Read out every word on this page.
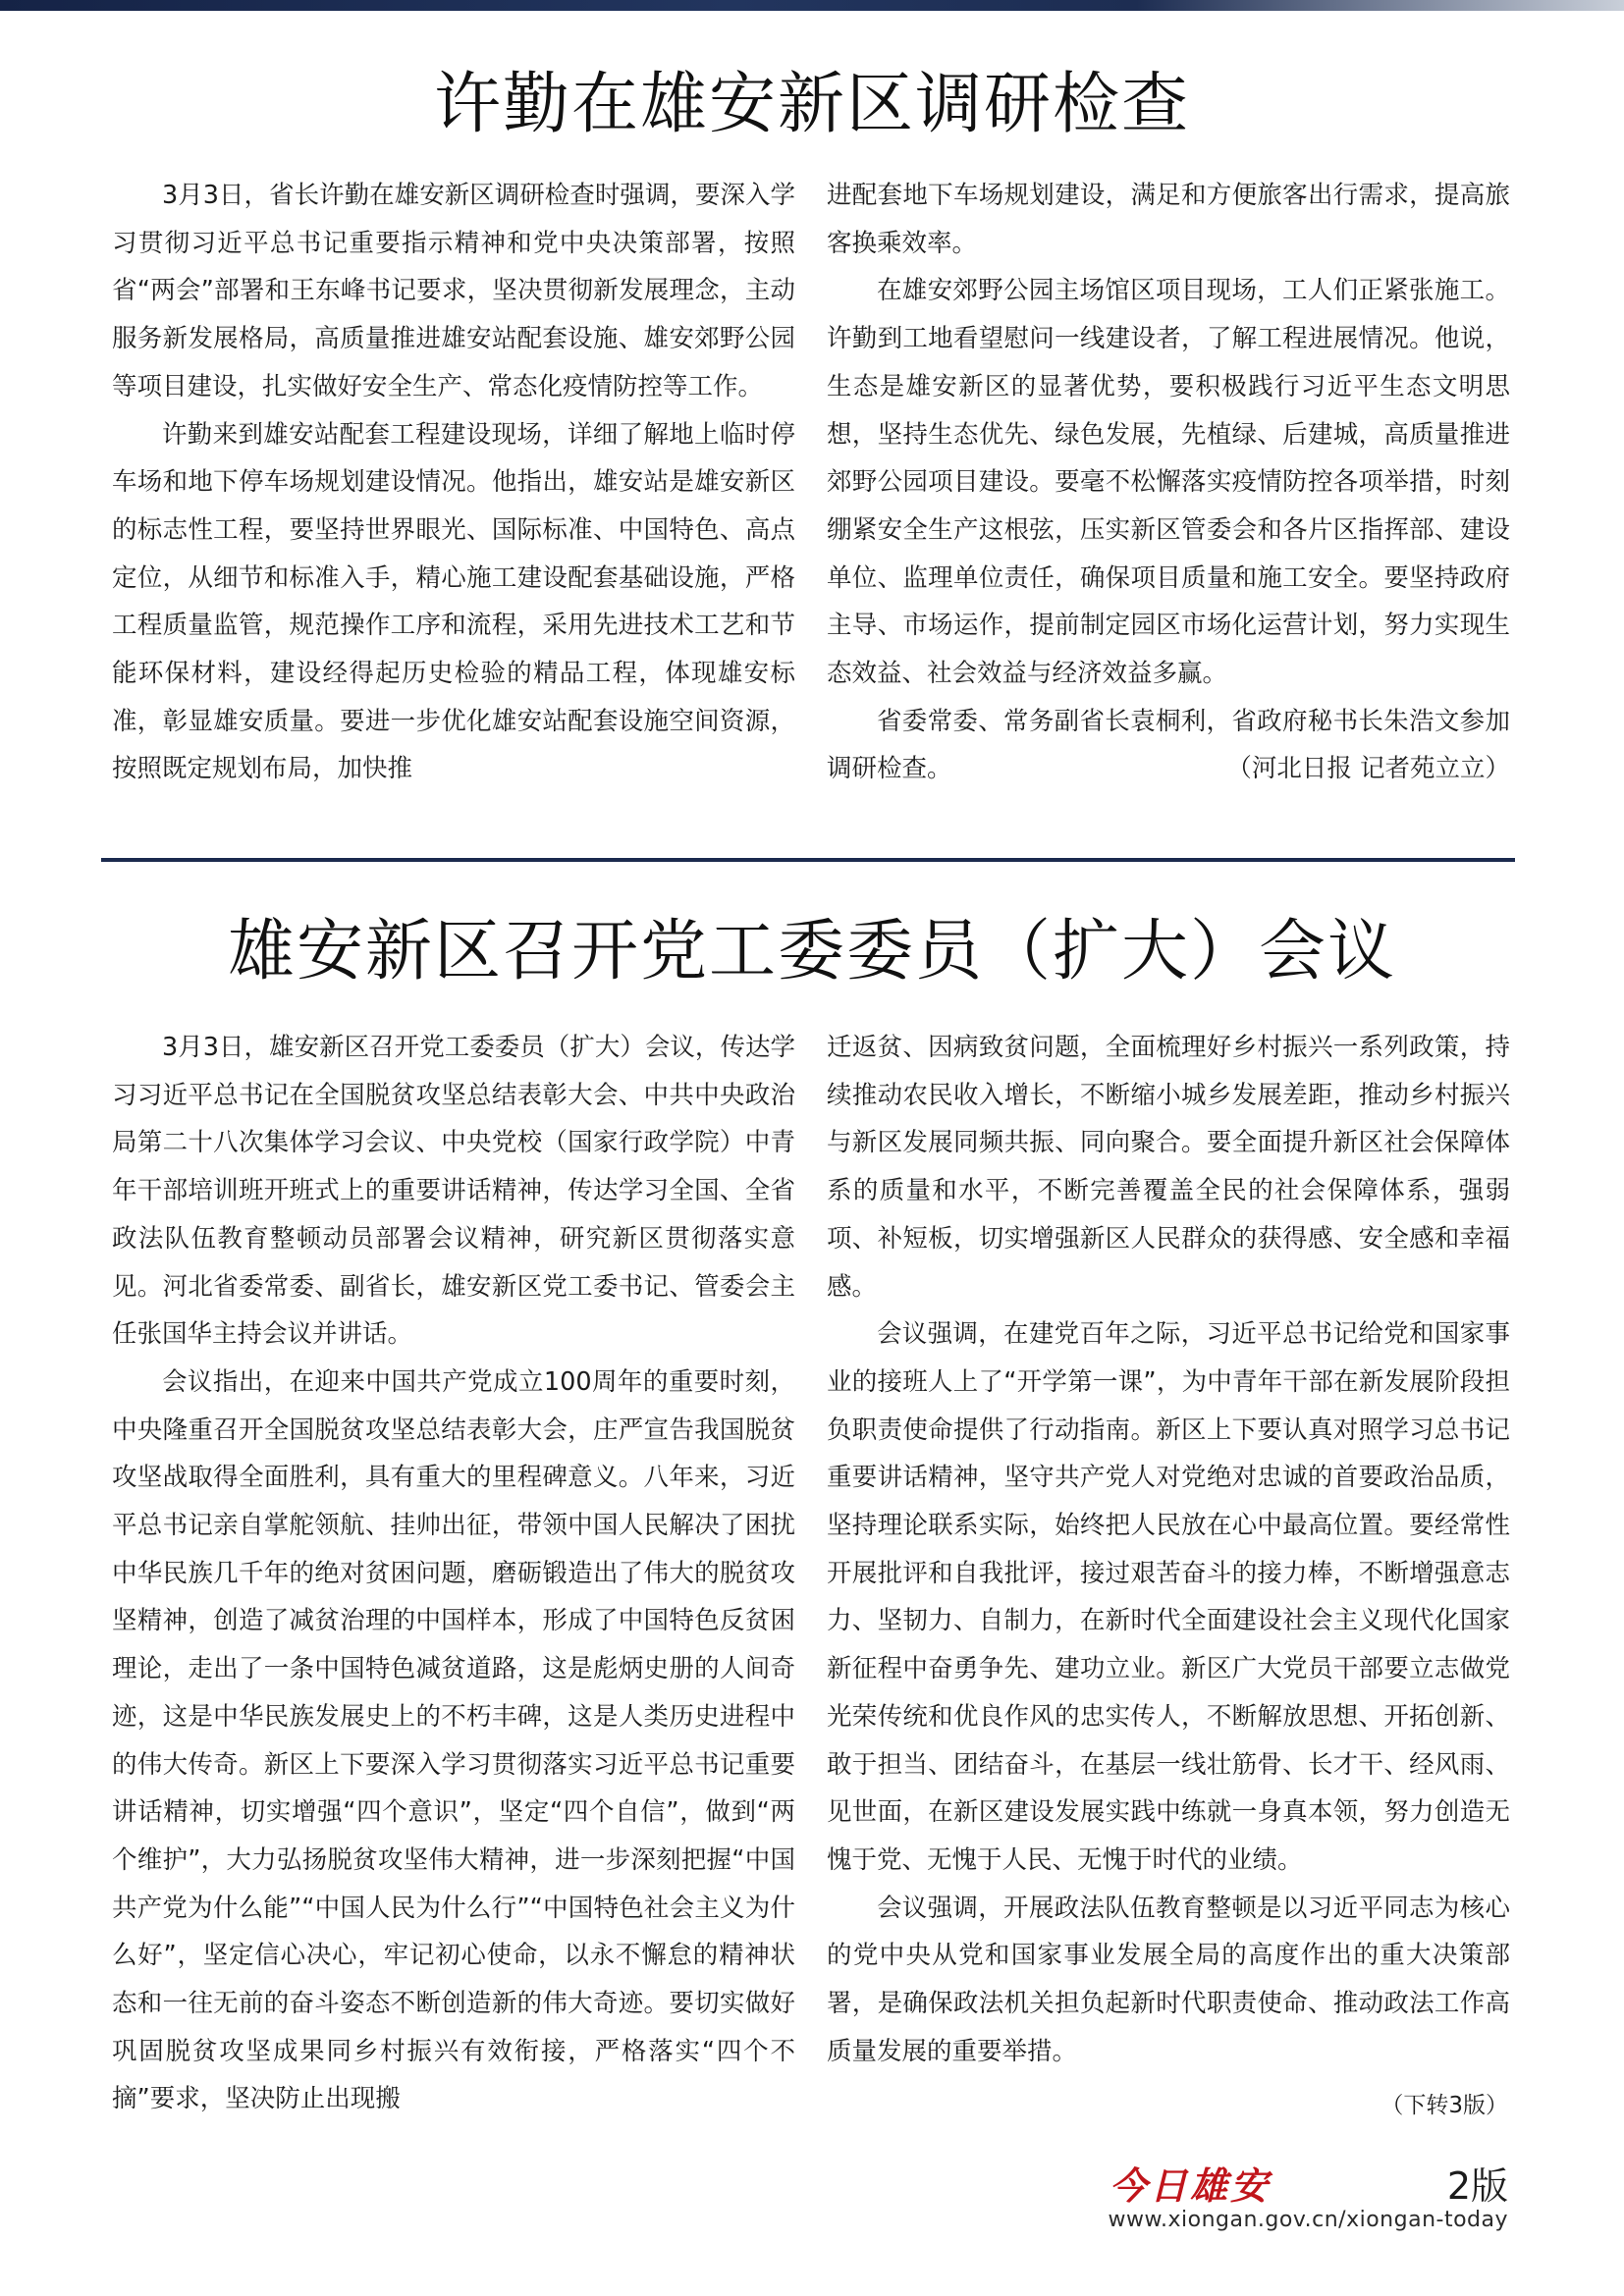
许勤在雄安新区调研检查

3月3日，省长许勤在雄安新区调研检查时强调，要深入学习贯彻习近平总书记重要指示精神和党中央决策部署，按照省“两会”部署和王东峰书记要求，坚决贯彻新发展理念，主动服务新发展格局，高质量推进雄安站配套设施、雄安郊野公园等项目建设，扎实做好安全生产、常态化疫情防控等工作。

许勤来到雄安站配套工程建设现场，详细了解地上临时停车场和地下停车场规划建设情况。他指出，雄安站是雄安新区的标志性工程，要坚持世界眼光、国际标准、中国特色、高点定位，从细节和标准入手，精心施工建设配套基础设施，严格工程质量监管，规范操作工序和流程，采用先进技术工艺和节能环保材料，建设经得起历史检验的精品工程，体现雄安标准，彰显雄安质量。要进一步优化雄安站配套设施空间资源，按照既定规划布局，加快推

进配套地下车场规划建设，满足和方便旅客出行需求，提高旅客换乘效率。

在雄安郊野公园主场馆区项目现场，工人们正紧张施工。许勤到工地看望慰问一线建设者，了解工程进展情况。他说，生态是雄安新区的显著优势，要积极践行习近平生态文明思想，坚持生态优先、绿色发展，先植绿、后建城，高质量推进郊野公园项目建设。要毫不松懈落实疫情防控各项举措，时刻绷紧安全生产这根弦，压实新区管委会和各片区指挥部、建设单位、监理单位责任，确保项目质量和施工安全。要坚持政府主导、市场运作，提前制定园区市场化运营计划，努力实现生态效益、社会效益与经济效益多赢。

省委常委、常务副省长袁桐利，省政府秘书长朱浩文参加调研检查。	（河北日报 记者苑立立）

雄安新区召开党工委委员（扩大）会议

3月3日，雄安新区召开党工委委员（扩大）会议，传达学习习近平总书记在全国脱贫攻坚总结表彰大会、中共中央政治局第二十八次集体学习会议、中央党校（国家行政学院）中青年干部培训班开班式上的重要讲话精神，传达学习全国、全省政法队伍教育整顿动员部署会议精神，研究新区贯彻落实意见。河北省委常委、副省长，雄安新区党工委书记、管委会主任张国华主持会议并讲话。

会议指出，在迎来中国共产党成立100周年的重要时刻，中央隆重召开全国脱贫攻坚总结表彰大会，庄严宣告我国脱贫攻坚战取得全面胜利，具有重大的里程碑意义。八年来，习近平总书记亲自掌舵领航、挂帅出征，带领中国人民解决了困扰中华民族几千年的绝对贫困问题，磨砺锻造出了伟大的脱贫攻坚精神，创造了减贫治理的中国样本，形成了中国特色反贫困理论，走出了一条中国特色减贫道路，这是彪炳史册的人间奇迹，这是中华民族发展史上的不朽丰碑，这是人类历史进程中的伟大传奇。新区上下要深入学习贯彻落实习近平总书记重要讲话精神，切实增强“四个意识”，坚定“四个自信”，做到“两个维护”，大力弘扬脱贫攻坚伟大精神，进一步深刻把握“中国共产党为什么能”“中国人民为什么行”“中国特色社会主义为什么好”，坚定信心决心，牢记初心使命，以永不懈怠的精神状态和一往无前的奋斗姿态不断创造新的伟大奇迹。要切实做好巩固脱贫攻坚成果同乡村振兴有效衔接，严格落实“四个不摘”要求，坚决防止出现搬

迁返贫、因病致贫问题，全面梳理好乡村振兴一系列政策，持续推动农民收入增长，不断缩小城乡发展差距，推动乡村振兴与新区发展同频共振、同向聚合。要全面提升新区社会保障体系的质量和水平，不断完善覆盖全民的社会保障体系，强弱项、补短板，切实增强新区人民群众的获得感、安全感和幸福感。

会议强调，在建党百年之际，习近平总书记给党和国家事业的接班人上了“开学第一课”，为中青年干部在新发展阶段担负职责使命提供了行动指南。新区上下要认真对照学习总书记重要讲话精神，坚守共产党人对党绝对忠诚的首要政治品质，坚持理论联系实际，始终把人民放在心中最高位置。要经常性开展批评和自我批评，接过艰苦奋斗的接力棒，不断增强意志力、坚韧力、自制力，在新时代全面建设社会主义现代化国家新征程中奋勇争先、建功立业。新区广大党员干部要立志做党光荣传统和优良作风的忠实传人，不断解放思想、开拓创新、敢于担当、团结奋斗，在基层一线壮筋骨、长才干、经风雨、见世面，在新区建设发展实践中练就一身真本领，努力创造无愧于党、无愧于人民、无愧于时代的业绩。

会议强调，开展政法队伍教育整顿是以习近平同志为核心的党中央从党和国家事业发展全局的高度作出的重大决策部署，是确保政法机关担负起新时代职责使命、推动政法工作高质量发展的重要举措。

（下转3版）
今日雄安	2版
www.xiongan.gov.cn/xiongan-today
